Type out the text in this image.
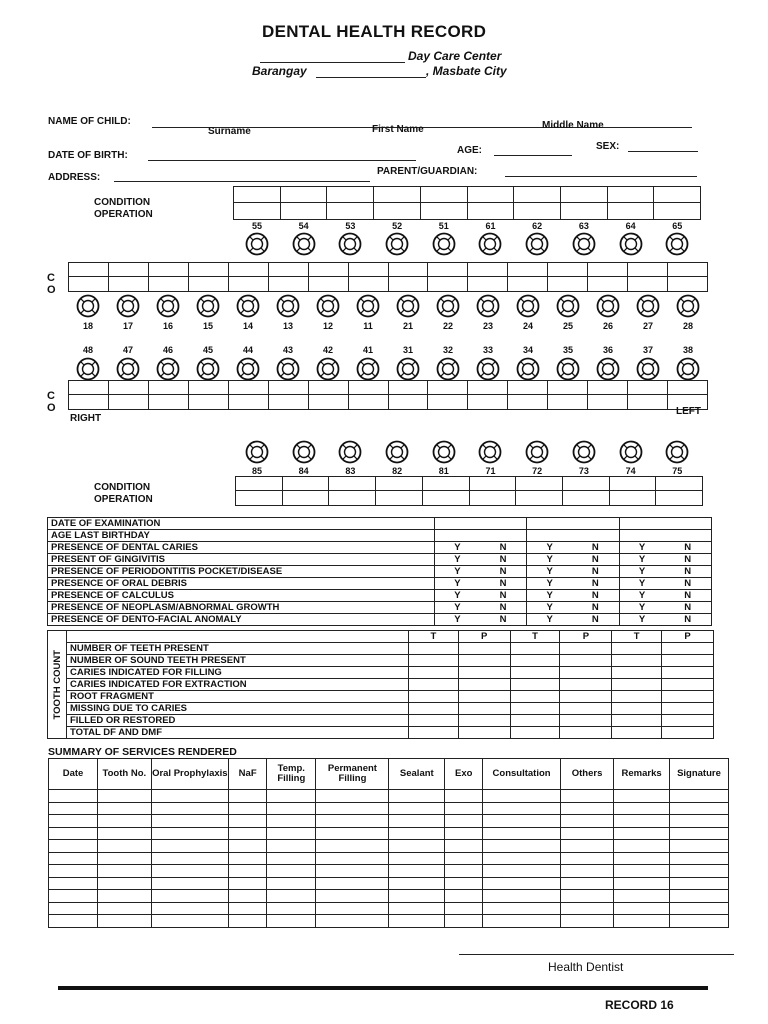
DENTAL HEALTH RECORD
Day Care Center
Barangay	, Masbate City
NAME OF CHILD:
Surname	First Name	Middle Name
DATE OF BIRTH:	AGE:	SEX:
ADDRESS:
PARENT/GUARDIAN:
CONDITION
OPERATION
55	54	53	52	51	61	62	63	64	65
C
O
18	17	16	15	14	13	12	11	21	22	23	24	25	26	27	28
48	47	46	45	44	43	42	41	31	32	33	34	35	36	37	38
C
O
RIGHT
LEFT
85	84	83	82	81	71	72	73	74	75
CONDITION
OPERATION
DATE OF EXAMINATION						
AGE LAST BIRTHDAY						
PRESENCE OF DENTAL CARIES	Y	N	Y	N	Y	N
PRESENT OF GINGIVITIS	Y	N	Y	N	Y	N
PRESENCE OF PERIODONTITIS POCKET/DISEASE	Y	N	Y	N	Y	N
PRESENCE OF ORAL DEBRIS	Y	N	Y	N	Y	N
PRESENCE OF CALCULUS	Y	N	Y	N	Y	N
PRESENCE OF NEOPLASM/ABNORMAL GROWTH	Y	N	Y	N	Y	N
PRESENCE OF DENTO-FACIAL ANOMALY	Y	N	Y	N	Y	N
TOOTH COUNT		T	P	T	P	T	P
	NUMBER OF TEETH PRESENT						
	NUMBER OF SOUND TEETH PRESENT						
	CARIES INDICATED FOR FILLING						
	CARIES INDICATED FOR EXTRACTION						
	ROOT FRAGMENT						
	MISSING DUE TO CARIES						
	FILLED OR RESTORED						
	TOTAL DF AND DMF						
SUMMARY OF SERVICES RENDERED
Date	Tooth No.	Oral Prophylaxis	NaF	Temp. Filling	Permanent Filling	Sealant	Exo	Consultation	Others	Remarks	Signature

Health Dentist
RECORD 16
